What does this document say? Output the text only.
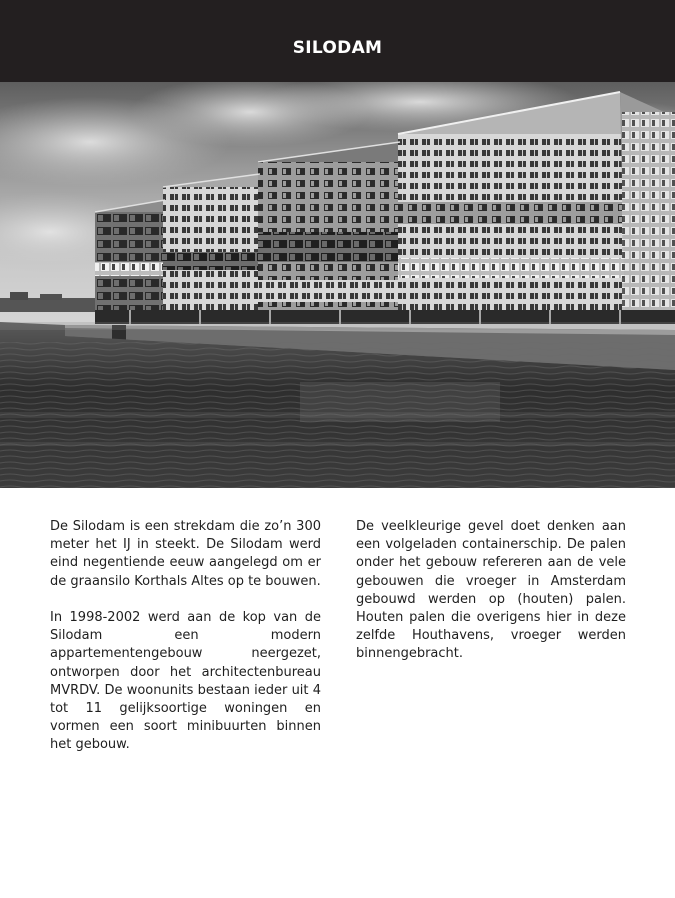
SILODAM

De Silodam is een strekdam die zo’n 300 meter het IJ in steekt. De Silodam werd eind negentiende eeuw aangelegd om er de graansilo Korthals Altes op te bouwen.

In 1998-2002 werd aan de kop van de Silodam een modern appartementengebouw neergezet, ontworpen door het architectenbureau MVRDV. De woonunits bestaan ieder uit 4 tot 11 gelijksoortige woningen en vormen een soort minibuurten binnen het gebouw.

De veelkleurige gevel doet denken aan een volgeladen containerschip. De palen onder het gebouw refereren aan de vele gebouwen die vroeger in Amsterdam gebouwd werden op (houten) palen. Houten palen die overigens hier in deze zelfde Houthavens, vroeger werden binnengebracht.
